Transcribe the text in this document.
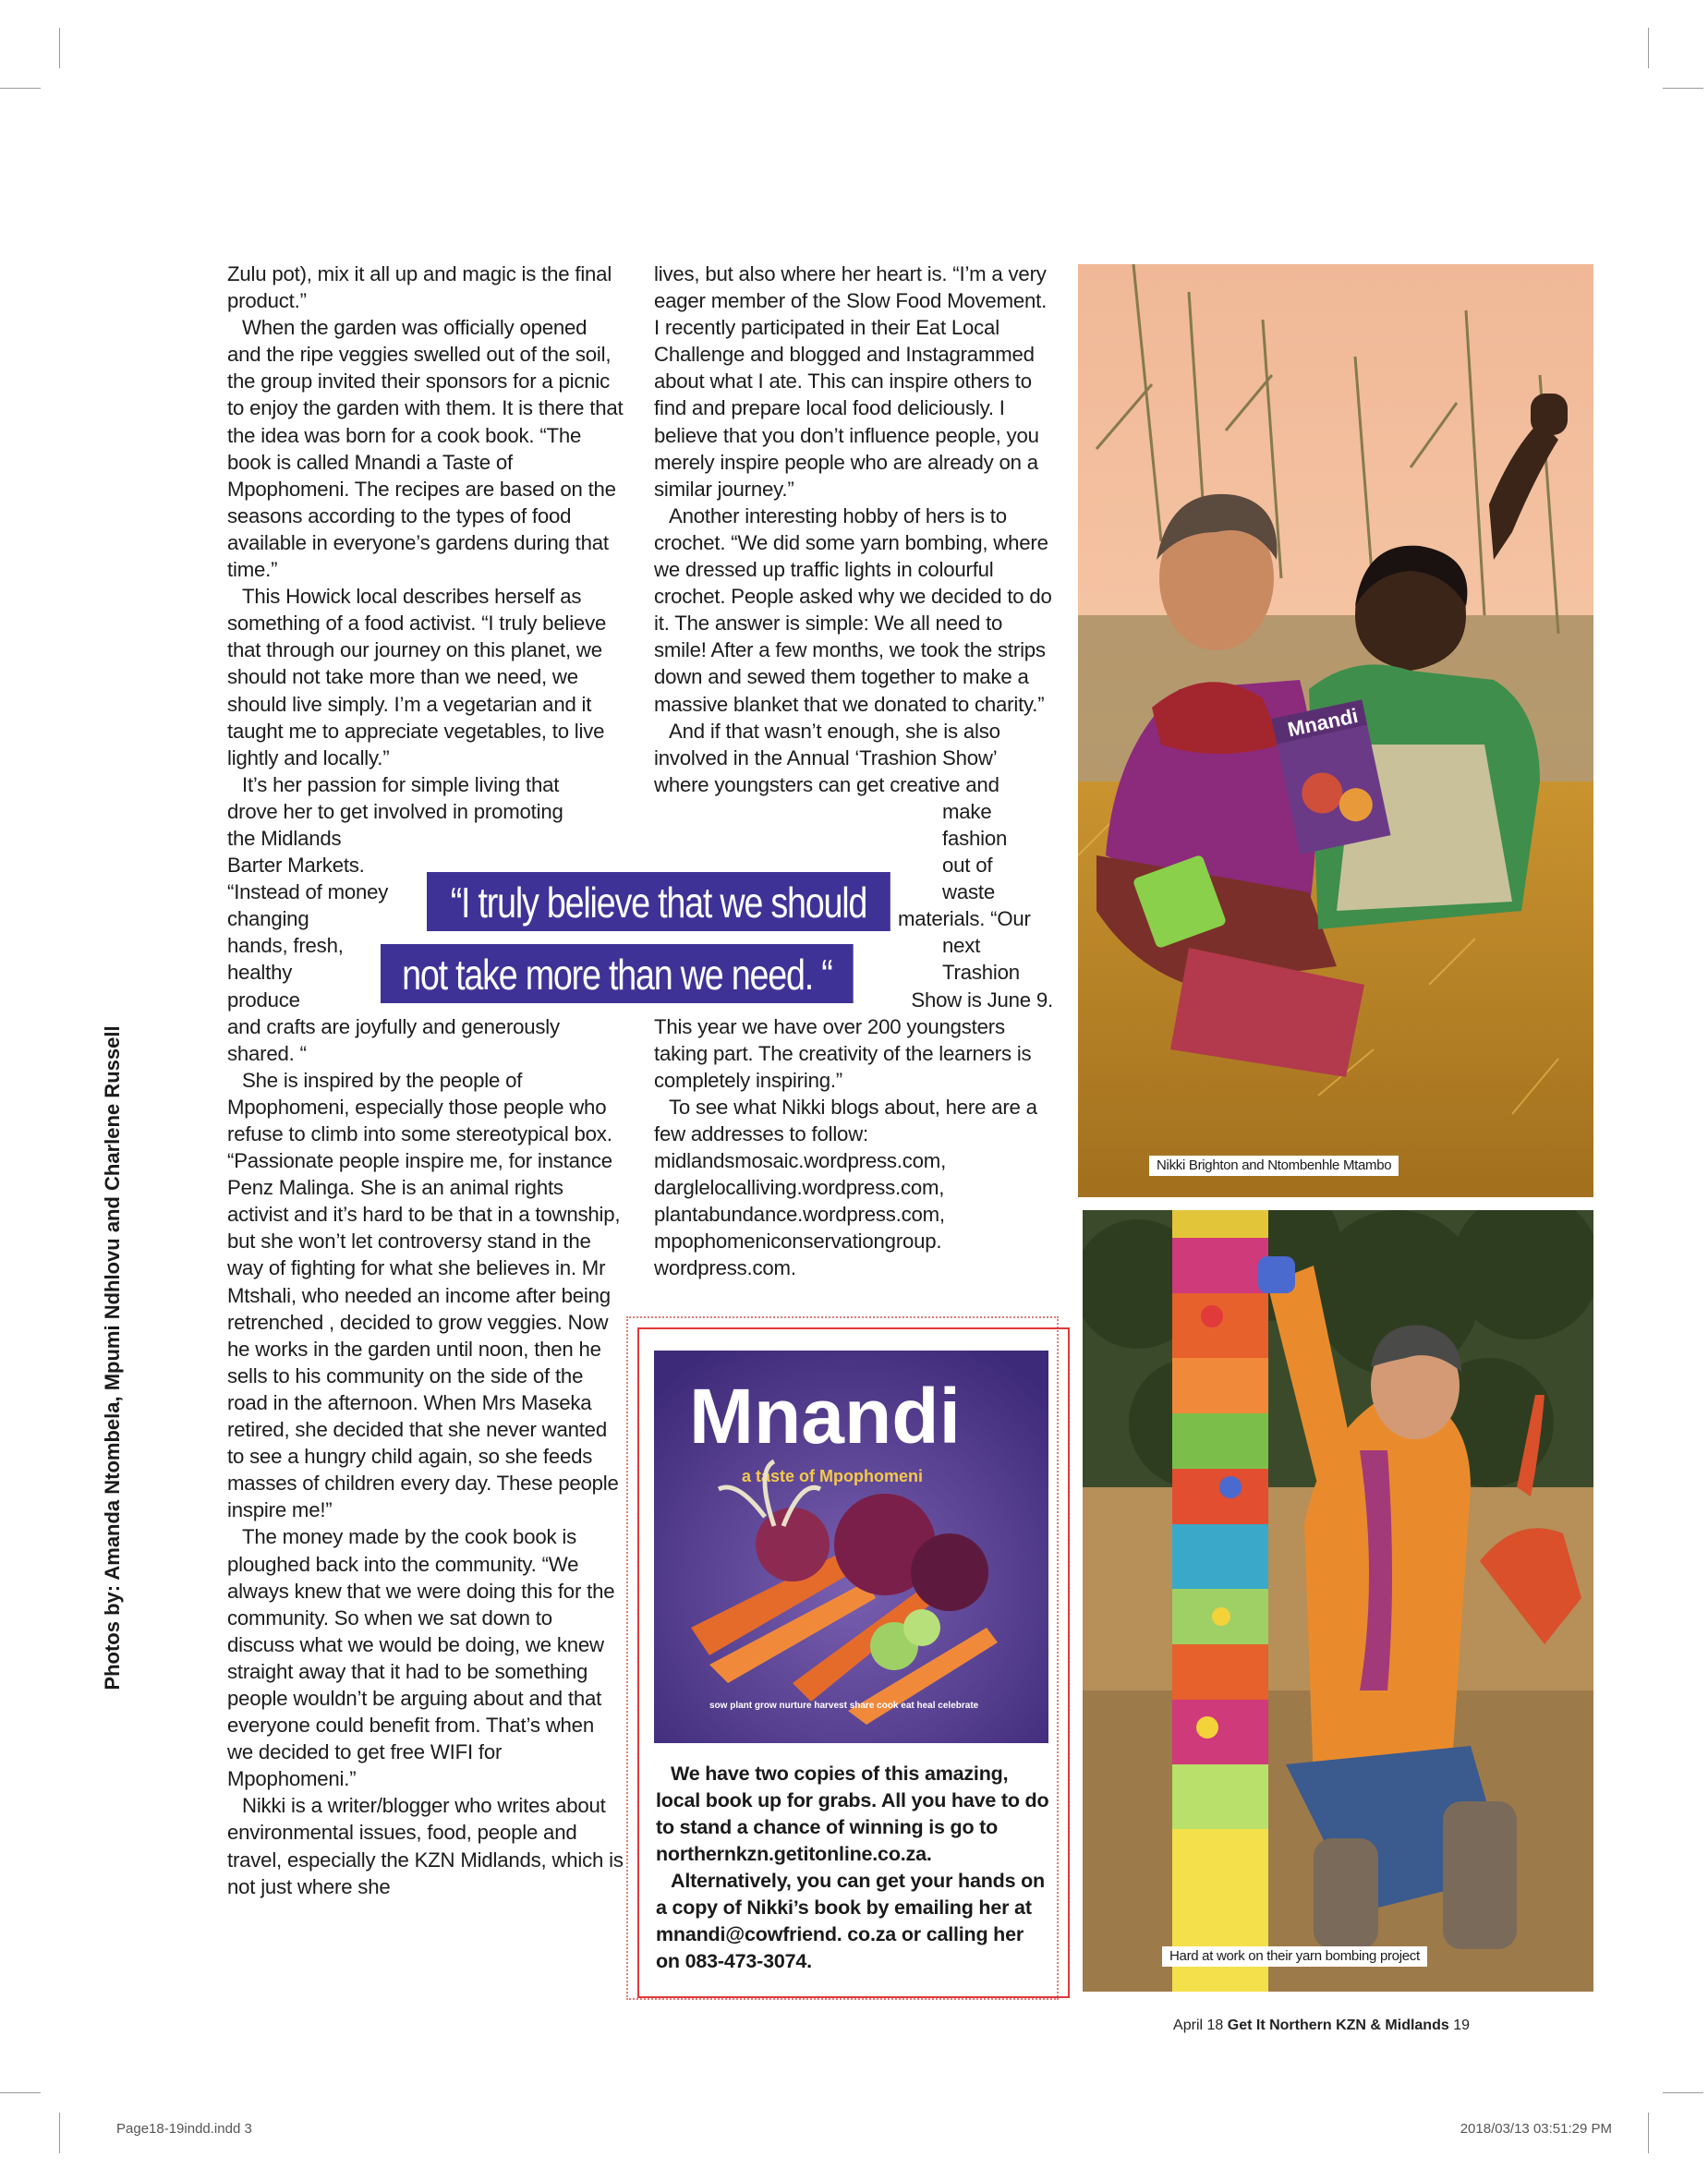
Zulu pot), mix it all up and magic is the final product.”

When the garden was officially opened and the ripe veggies swelled out of the soil, the group invited their sponsors for a picnic to enjoy the garden with them. It is there that the idea was born for a cook book. “The book is called Mnandi a Taste of Mpophomeni. The recipes are based on the seasons according to the types of food available in everyone’s gardens during that time.”

This Howick local describes herself as something of a food activist. “I truly believe that through our journey on this planet, we should not take more than we need, we should live simply. I’m a vegetarian and it taught me to appreciate vegetables, to live lightly and locally.”

It’s her passion for simple living that
drove her to get involved in promoting
the Midlands
Barter Markets.
“Instead of money
changing
hands, fresh,
healthy
produce

and crafts are joyfully and generously shared. “

She is inspired by the people of Mpophomeni, especially those people who refuse to climb into some stereotypical box. “Passionate people inspire me, for instance Penz Malinga. She is an animal rights activist and it’s hard to be that in a township, but she won’t let controversy stand in the way of fighting for what she believes in. Mr Mtshali, who needed an income after being retrenched , decided to grow veggies. Now he works in the garden until noon, then he sells to his community on the side of the road in the afternoon. When Mrs Maseka retired, she decided that she never wanted to see a hungry child again, so she feeds masses of children every day. These people inspire me!”

The money made by the cook book is ploughed back into the community. “We always knew that we were doing this for the community. So when we sat down to discuss what we would be doing, we knew straight away that it had to be something people wouldn’t be arguing about and that everyone could benefit from. That’s when we decided to get free WIFI for Mpophomeni.”

Nikki is a writer/blogger who writes about environmental issues, food, people and travel, especially the KZN Midlands, which is not just where she

lives, but also where her heart is. “I’m a very eager member of the Slow Food Movement. I recently participated in their Eat Local Challenge and blogged and Instagrammed about what I ate. This can inspire others to find and prepare local food deliciously. I believe that you don’t influence people, you merely inspire people who are already on a similar journey.”

Another interesting hobby of hers is to crochet. “We did some yarn bombing, where we dressed up traffic lights in colourful crochet. People asked why we decided to do it. The answer is simple: We all need to smile! After a few months, we took the strips down and sewed them together to make a massive blanket that we donated to charity.”

And if that wasn’t enough, she is also
involved in the Annual ‘Trashion Show’
where youngsters can get creative and
make
fashion
out of
waste
materials. “Our
next Trashion
Show is June 9.

This year we have over 200 youngsters taking part. The creativity of the learners is completely inspiring.”

To see what Nikki blogs about, here are a few addresses to follow: midlandsmosaic.wordpress.com, darglelocalliving.wordpress.com, plantabundance.wordpress.com, mpophomeniconservationgroup. wordpress.com.

“I truly believe that we should
not take more than we need. “
Mnandi
Nikki Brighton and Ntombenhle Mtambo
Hard at work on their yarn bombing project
Mnandi
a taste of Mpophomeni
sow plant grow nurture harvest share cook eat heal celebrate

We have two copies of this amazing, local book up for grabs. All you have to do to stand a chance of winning is go to northernkzn.getitonline.co.za.

Alternatively, you can get your hands on a copy of Nikki’s book by emailing her at mnandi@cowfriend. co.za or calling her on 083-473-3074.

Photos by: Amanda Ntombela, Mpumi Ndhlovu and Charlene Russell
April 18 Get It Northern KZN & Midlands 19
Page18-19indd.indd 3	2018/03/13 03:51:29 PM
